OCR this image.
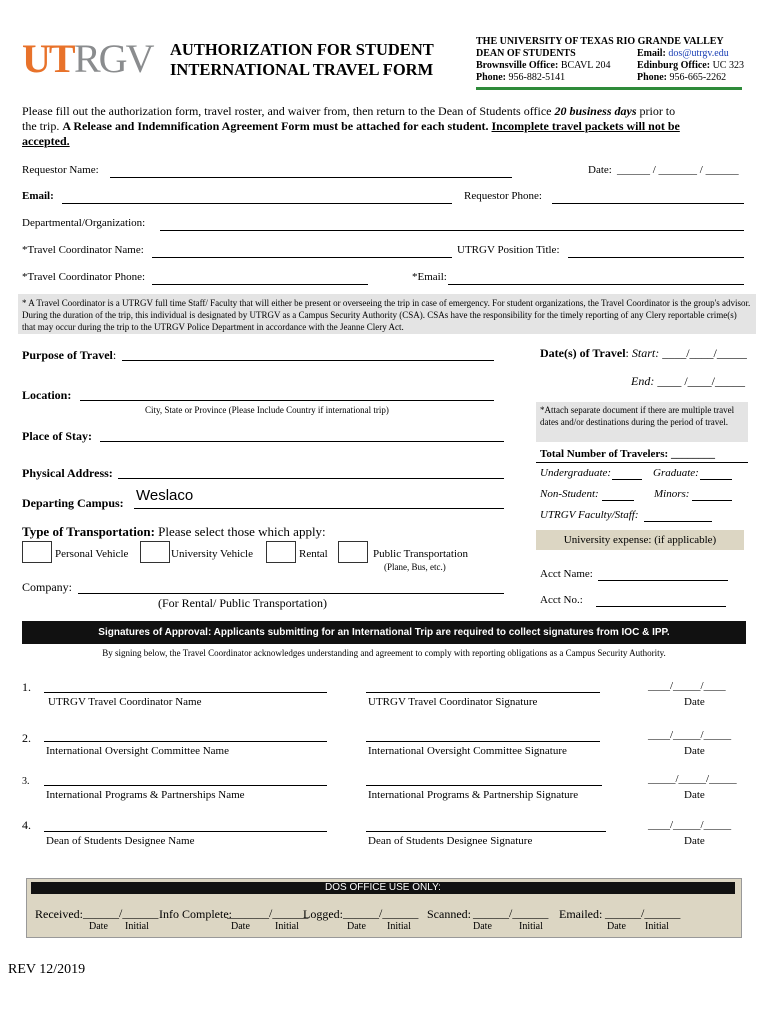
UT RGV AUTHORIZATION FOR STUDENT
INTERNATIONAL TRAVEL FORM
THE UNIVERSITY OF TEXAS RIO GRANDE VALLEY
DEAN OF STUDENTS	Email: dos@utrgv.edu
Brownsville Office: BCAVL 204	Edinburg Office: UC 323
Phone: 956-882-5141	Phone: 956-665-2262
Please fill out the authorization form, travel roster, and waiver from, then return to the Dean of Students office 20 business days prior to
the trip. A Release and Indemnification Agreement Form must be attached for each student. Incomplete travel packets will not be
accepted.
Requestor Name:	Date: ______ / _______ / ______
Email:	Requestor Phone:
Departmental/Organization:
*Travel Coordinator Name:	UTRGV Position Title:
*Travel Coordinator Phone:	*Email:
* A Travel Coordinator is a UTRGV full time Staff/ Faculty that will either be present or overseeing the trip in case of emergency. For student organizations, the Travel Coordinator is the group's advisor. During the duration of the trip, this individual is designated by UTRGV as a Campus Security Authority (CSA). CSAs have the responsibility for the timely reporting of any Clery reportable crime(s) that may occur during the trip to the UTRGV Police Department in accordance with the Jeanne Clery Act.
Purpose of Travel:
Location:
City, State or Province (Please Include Country if international trip)
Place of Stay:
Physical Address:
Departing Campus: Weslaco
Type of Transportation: Please select those which apply:
Personal Vehicle	University Vehicle	Rental	Public Transportation
(Plane, Bus, etc.)
Company:
(For Rental/ Public Transportation)
Date(s) of Travel: Start: ____/____/_____
End: ____ /____/_____
*Attach separate document if there are multiple travel dates and/or destinations during the period of travel.
Total Number of Travelers: ________
Undergraduate:	Graduate:
Non-Student:	Minors:
UTRGV Faculty/Staff:
University expense: (if applicable)
Acct Name:
Acct No.:
Signatures of Approval: Applicants submitting for an International Trip are required to collect signatures from IOC & IPP.
By signing below, the Travel Coordinator acknowledges understanding and agreement to comply with reporting obligations as a Campus Security Authority.
1.
UTRGV Travel Coordinator Name	UTRGV Travel Coordinator Signature
____/_____/____
Date
2.
International Oversight Committee Name	International Oversight Committee Signature
____/_____/_____
Date
3.
International Programs & Partnerships Name	International Programs & Partnership Signature
_____/_____/_____
Date
4.
Dean of Students Designee Name	Dean of Students Designee Signature
____/_____/_____
Date
DOS OFFICE USE ONLY:
Received: ______/______
Date Initial
Info Complete:
_______/______
Date	Initial
Logged: ______/______
Date Initial
Scanned: ______/______
Date	Initial
Emailed: ______/______
Date Initial
REV 12/2019
